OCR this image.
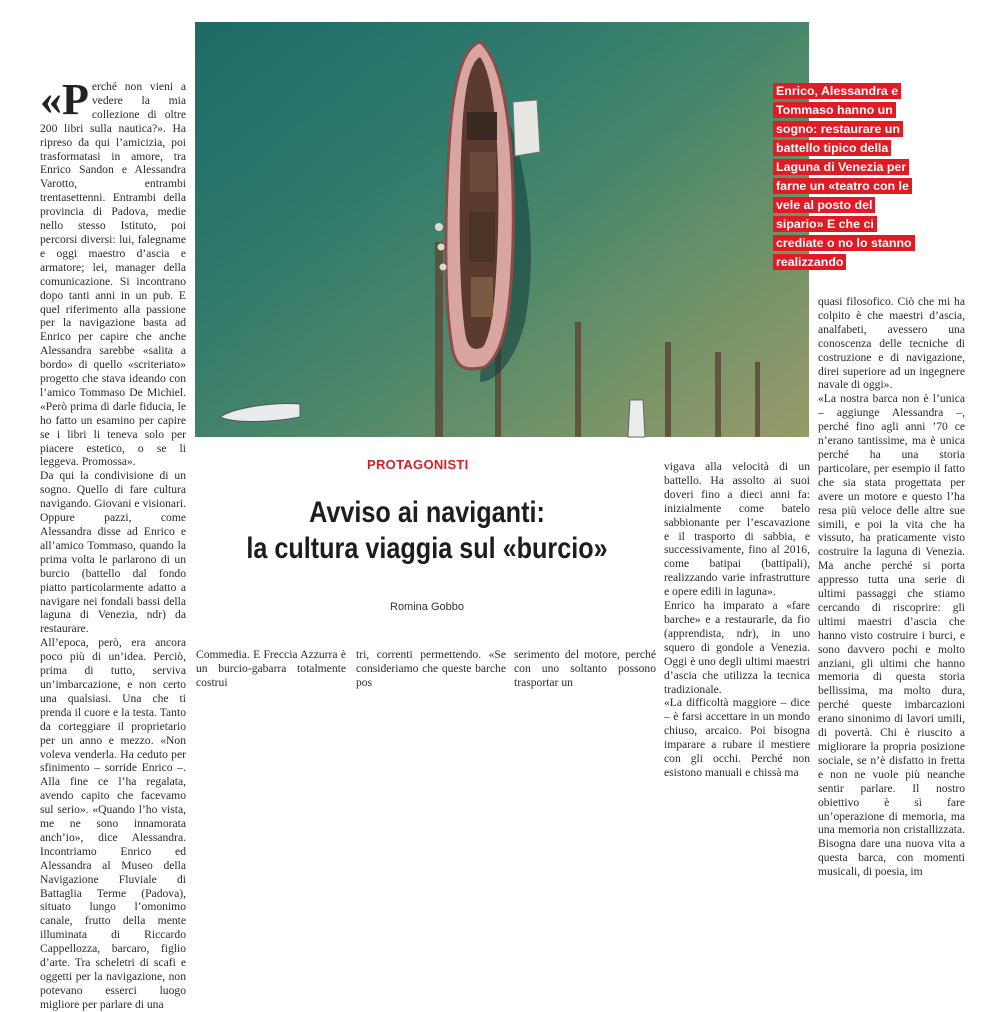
«Perché non vieni a vedere la mia collezione di oltre 200 libri sulla nautica?». Ha ripreso da qui l’amicizia, poi trasformatasi in amore, tra Enrico Sandon e Alessandra Varotto, entrambi trentasettenni. Entrambi della provincia di Padova, medie nello stesso Istituto, poi percorsi diversi: lui, falegname e oggi maestro d’ascia e armatore; lei, manager della comunicazione. Si incontrano dopo tanti anni in un pub. E quel riferimento alla passione per la navigazione basta ad Enrico per capire che anche Alessandra sarebbe «salita a bordo» di quello «scriteriato» progetto che stava ideando con l’amico Tommaso De Michiel. «Però prima di darle fiducia, le ho fatto un esamino per capire se i libri li teneva solo per piacere estetico, o se li leggeva. Promossa».

Da qui la condivisione di un sogno. Quello di fare cultura navigando. Giovani e visionari. Oppure pazzi, come Alessandra disse ad Enrico e all’amico Tommaso, quando la prima volta le parlarono di un burcio (battello dal fondo piatto particolarmente adatto a navigare nei fondali bassi della laguna di Venezia, ndr) da restaurare.

All’epoca, però, era ancora poco più di un’idea. Perciò, prima di tutto, serviva un’imbarcazione, e non certo una qualsiasi. Una che ti prenda il cuore e la testa. Tanto da corteggiare il proprietario per un anno e mezzo. «Non voleva venderla. Ha ceduto per sfinimento – sorride Enrico –. Alla fine ce l’ha regalata, avendo capito che facevamo sul serio». «Quando l’ho vista, me ne sono innamorata anch’io», dice Alessandra. Incontriamo Enrico ed Alessandra al Museo della Navigazione Fluviale di Battaglia Terme (Padova), situato lungo l’omonimo canale, frutto della mente illuminata di Riccardo Cappellozza, barcaro, figlio d’arte. Tra scheletri di scafi e oggetti per la navigazione, non potevano esserci luogo migliore per parlare di una

Enrico, Alessandra e Tommaso hanno un sogno: restaurare un battello tipico della Laguna di Venezia per farne un «teatro con le vele al posto del sipario» E che ci crediate o no lo stanno realizzando
PROTAGONISTI
Avviso ai naviganti:
la cultura viaggia sul «burcio»
Romina Gobbo
Commedia. E Freccia Azzurra è un burcio-gabarra totalmente costrui
tri, correnti permettendo. «Se consideriamo che queste barche pos
serimento del motore, perché con uno soltanto possono trasportar un

vigava alla velocità di un battello. Ha assolto ai suoi doveri fino a dieci anni fa: inizialmente come batelo sabbionante per l’escavazione e il trasporto di sabbia, e successivamente, fino al 2016, come batipai (battipali), realizzando varie infrastrutture e opere edili in laguna».

Enrico ha imparato a «fare barche» e a restaurarle, da fio (apprendista, ndr), in uno squero di gondole a Venezia. Oggi è uno degli ultimi maestri d’ascia che utilizza la tecnica tradizionale.

«La difficoltà maggiore – dice – è farsi accettare in un mondo chiuso, arcaico. Poi bisogna imparare a rubare il mestiere con gli occhi. Perché non esistono manuali e chissà ma

quasi filosofico. Ciò che mi ha colpito è che maestri d’ascia, analfabeti, avessero una conoscenza delle tecniche di costruzione e di navigazione, direi superiore ad un ingegnere navale di oggi».

«La nostra barca non è l’unica – aggiunge Alessandra –, perché fino agli anni ’70 ce n’erano tantissime, ma è unica perché ha una storia particolare, per esempio il fatto che sia stata progettata per avere un motore e questo l’ha resa più veloce delle altre sue simili, e poi la vita che ha vissuto, ha praticamente visto costruire la laguna di Venezia. Ma anche perché si porta appresso tutta una serie di ultimi passaggi che stiamo cercando di riscoprire: gli ultimi maestri d’ascia che hanno visto costruire i burci, e sono davvero pochi e molto anziani, gli ultimi che hanno memoria di questa storia bellissima, ma molto dura, perché queste imbarcazioni erano sinonimo di lavori umili, di povertà. Chi è riuscito a migliorare la propria posizione sociale, se n’è disfatto in fretta e non ne vuole più neanche sentir parlare. Il nostro obiettivo è sì fare un’operazione di memoria, ma una memoria non cristallizzata. Bisogna dare una nuova vita a questa barca, con momenti musicali, di poesia, im
